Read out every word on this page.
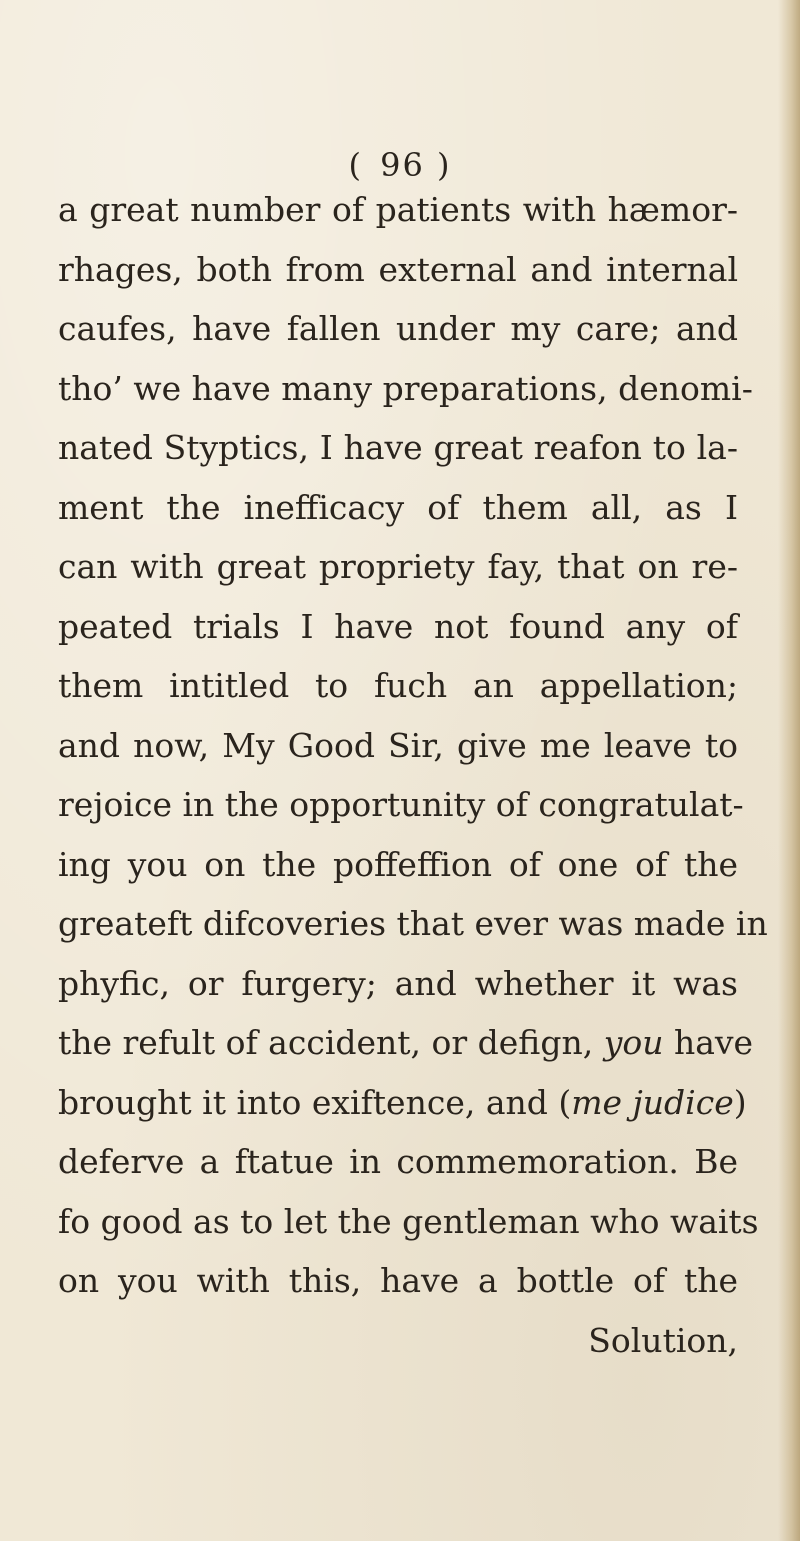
( 96 )
a great number of patients with hæmor-
rhages, both from external and internal
caufes, have fallen under my care; and
tho’ we have many preparations, denomi-
nated Styptics, I have great reafon to la-
ment the inefficacy of them all, as I
can with great propriety fay, that on re-
peated trials I have not found any of
them intitled to fuch an appellation;
and now, My Good Sir, give me leave to
rejoice in the opportunity of congratulat-
ing you on the poffeffion of one of the
greateft difcoveries that ever was made in
phyfic, or furgery; and whether it was
the refult of accident, or defign, you have
brought it into exiftence, and (me judice)
deferve a ftatue in commemoration. Be
fo good as to let the gentleman who waits
on you with this, have a bottle of the
Solution,
